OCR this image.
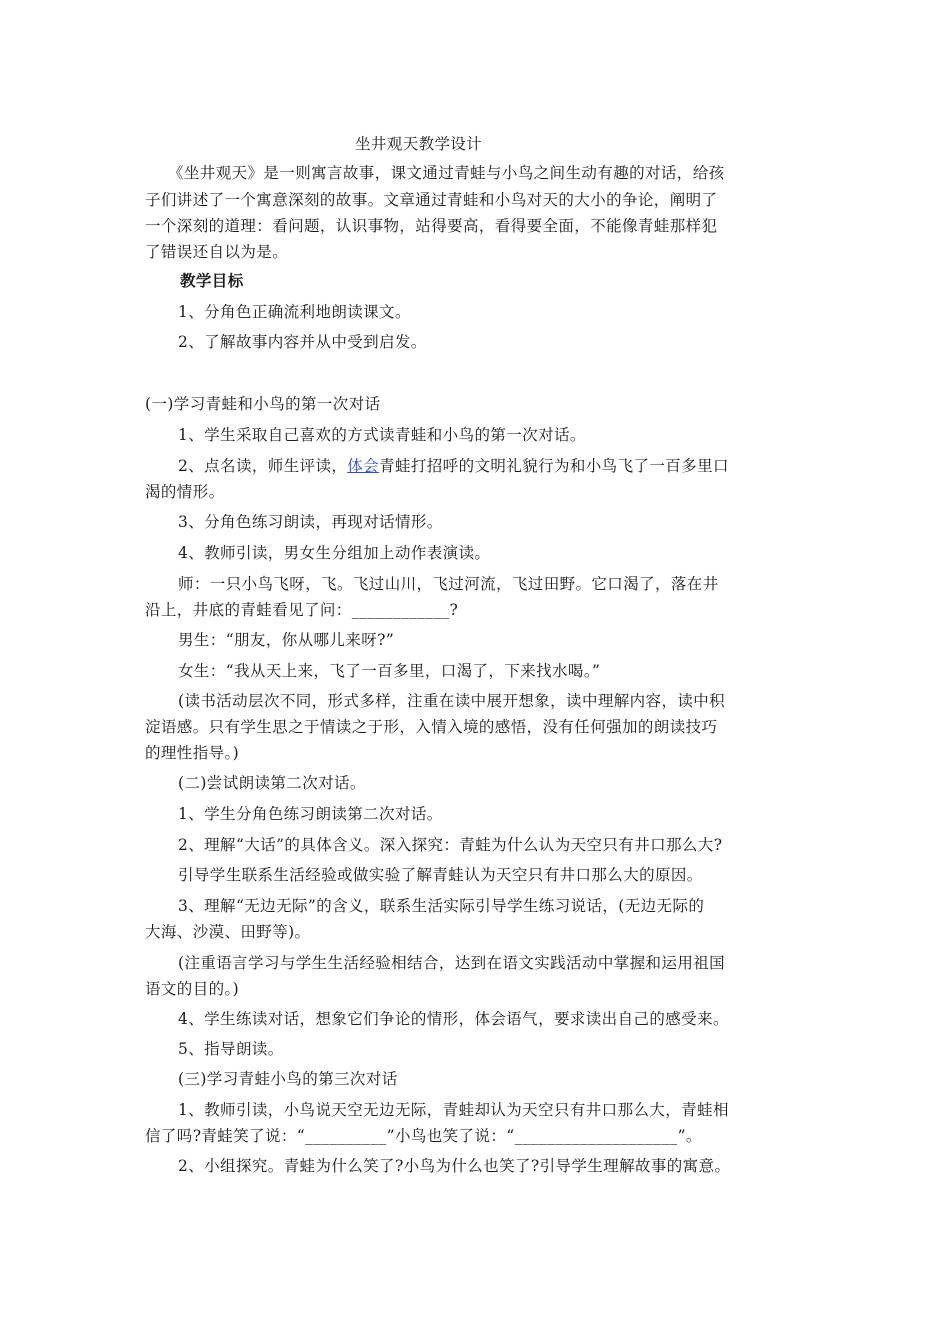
坐井观天教学设计
《坐井观天》是一则寓言故事，课文通过青蛙与小鸟之间生动有趣的对话，给孩
子们讲述了一个寓意深刻的故事。文章通过青蛙和小鸟对天的大小的争论，阐明了
一个深刻的道理：看问题，认识事物，站得要高，看得要全面，不能像青蛙那样犯
了错误还自以为是。
教学目标
1、分角色正确流利地朗读课文。
2、了解故事内容并从中受到启发。
(一)学习青蛙和小鸟的第一次对话
1、学生采取自己喜欢的方式读青蛙和小鸟的第一次对话。
2、点名读，师生评读，体会青蛙打招呼的文明礼貌行为和小鸟飞了一百多里口
渴的情形。
3、分角色练习朗读，再现对话情形。
4、教师引读，男女生分组加上动作表演读。
师：一只小鸟飞呀，飞。飞过山川，飞过河流，飞过田野。它口渴了，落在井
沿上，井底的青蛙看见了问：____________?
男生：“朋友，你从哪儿来呀?”
女生：“我从天上来，飞了一百多里，口渴了，下来找水喝。”
(读书活动层次不同，形式多样，注重在读中展开想象，读中理解内容，读中积
淀语感。只有学生思之于情读之于形，入情入境的感悟，没有任何强加的朗读技巧
的理性指导。)
(二)尝试朗读第二次对话。
1、学生分角色练习朗读第二次对话。
2、理解“大话”的具体含义。深入探究：青蛙为什么认为天空只有井口那么大?
引导学生联系生活经验或做实验了解青蛙认为天空只有井口那么大的原因。
3、理解“无边无际”的含义，联系生活实际引导学生练习说话，(无边无际的
大海、沙漠、田野等)。
(注重语言学习与学生生活经验相结合，达到在语文实践活动中掌握和运用祖国
语文的目的。)
4、学生练读对话，想象它们争论的情形，体会语气，要求读出自己的感受来。
5、指导朗读。
(三)学习青蛙小鸟的第三次对话
1、教师引读，小鸟说天空无边无际，青蛙却认为天空只有井口那么大，青蛙相
信了吗?青蛙笑了说：“__________”小鸟也笑了说：“____________________”。
2、小组探究。青蛙为什么笑了?小鸟为什么也笑了?引导学生理解故事的寓意。
